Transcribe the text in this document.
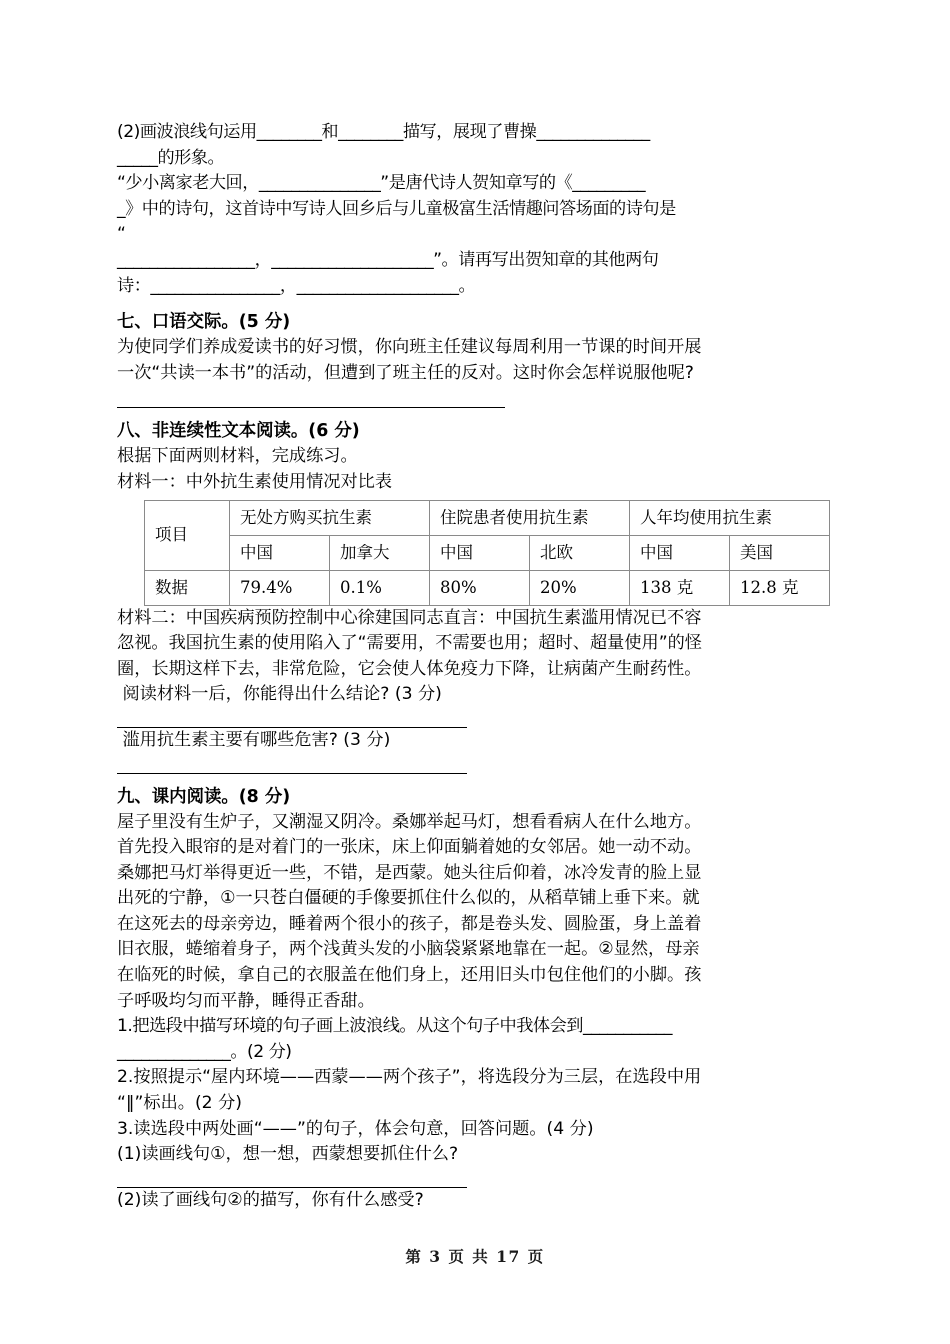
(2)画波浪线句运用________和________描写，展现了曹操______________
_____的形象。
“少小离家老大回，_______________”是唐代诗人贺知章写的《_________
_》中的诗句，这首诗中写诗人回乡后与儿童极富生活情趣问答场面的诗句是
“
_________________，____________________”。请再写出贺知章的其他两句
诗：________________，____________________。
七、口语交际。(5 分)
为使同学们养成爱读书的好习惯，你向班主任建议每周利用一节课的时间开展
一次“共读一本书”的活动，但遭到了班主任的反对。这时你会怎样说服他呢?
八、非连续性文本阅读。(6 分)
根据下面两则材料，完成练习。
材料一：中外抗生素使用情况对比表
项目	无处方购买抗生素		住院患者使用抗生素		人年均使用抗生素	
	中国	加拿大	中国	北欧	中国	美国
数据	79.4%	0.1%	80%	20%	138 克	12.8 克
材料二：中国疾病预防控制中心徐建国同志直言：中国抗生素滥用情况已不容
忽视。我国抗生素的使用陷入了“需要用，不需要也用；超时、超量使用”的怪
圈，长期这样下去，非常危险，它会使人体免疫力下降，让病菌产生耐药性。
阅读材料一后，你能得出什么结论? (3 分)
滥用抗生素主要有哪些危害? (3 分)
九、课内阅读。(8 分)
屋子里没有生炉子，又潮湿又阴冷。桑娜举起马灯，想看看病人在什么地方。
首先投入眼帘的是对着门的一张床，床上仰面躺着她的女邻居。她一动不动。
桑娜把马灯举得更近一些，不错，是西蒙。她头往后仰着，冰冷发青的脸上显
出死的宁静，①一只苍白僵硬的手像要抓住什么似的，从稻草铺上垂下来。就
在这死去的母亲旁边，睡着两个很小的孩子，都是卷头发、圆脸蛋，身上盖着
旧衣服，蜷缩着身子，两个浅黄头发的小脑袋紧紧地靠在一起。②显然，母亲
在临死的时候，拿自己的衣服盖在他们身上，还用旧头巾包住他们的小脚。孩
子呼吸均匀而平静，睡得正香甜。
1.把选段中描写环境的句子画上波浪线。从这个句子中我体会到___________
______________。(2 分)
2.按照提示“屋内环境——西蒙——两个孩子”，将选段分为三层，在选段中用
“‖”标出。(2 分)
3.读选段中两处画“——”的句子，体会句意，回答问题。(4 分)
(1)读画线句①，想一想，西蒙想要抓住什么?
(2)读了画线句②的描写，你有什么感受?
第 3 页 共 17 页
